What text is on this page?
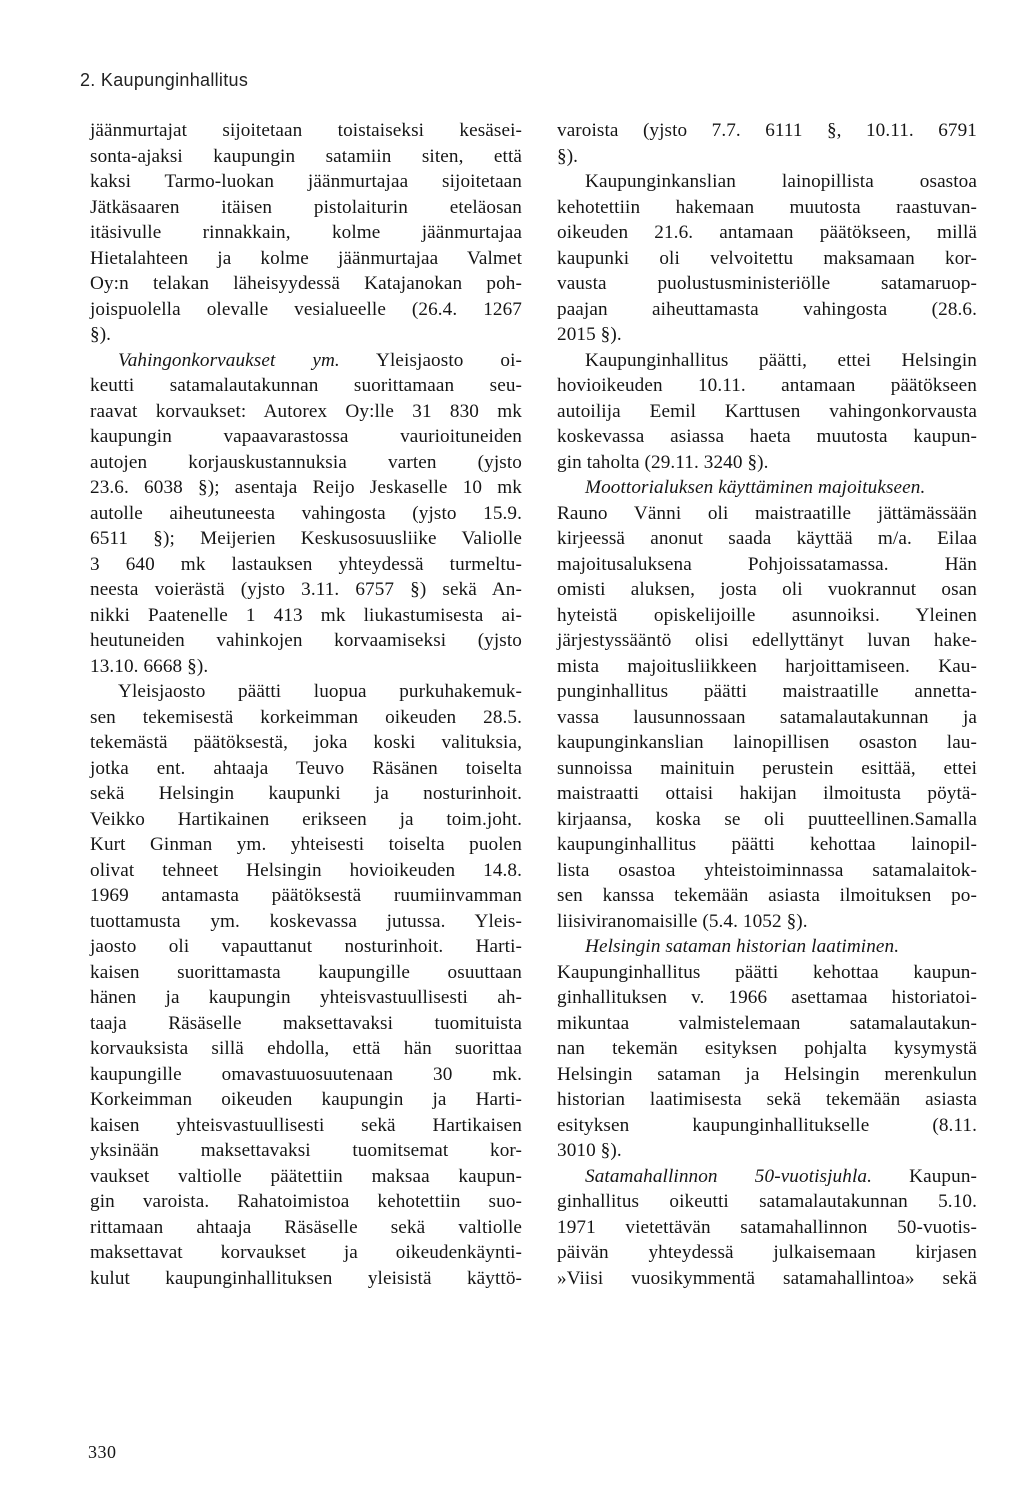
2. Kaupunginhallitus
jäänmurtajat sijoitetaan toistaiseksi kesäsei-
sonta-ajaksi kaupungin satamiin siten, että
kaksi Tarmo-luokan jäänmurtajaa sijoitetaan
Jätkäsaaren itäisen pistolaiturin eteläosan
itäsivulle rinnakkain, kolme jäänmurtajaa
Hietalahteen ja kolme jäänmurtajaa Valmet
Oy:n telakan läheisyydessä Katajanokan poh-
joispuolella olevalle vesialueelle (26.4. 1267
§).
Vahingonkorvaukset ym. Yleisjaosto oi-
keutti satamalautakunnan suorittamaan seu-
raavat korvaukset: Autorex Oy:lle 31 830 mk
kaupungin vapaavarastossa vaurioituneiden
autojen korjauskustannuksia varten (yjsto
23.6. 6038 §); asentaja Reijo Jeskaselle 10 mk
autolle aiheutuneesta vahingosta (yjsto 15.9.
6511 §); Meijerien Keskusosuusliike Valiolle
3 640 mk lastauksen yhteydessä turmeltu-
neesta voierästä (yjsto 3.11. 6757 §) sekä An-
nikki Paatenelle 1 413 mk liukastumisesta ai-
heutuneiden vahinkojen korvaamiseksi (yjsto
13.10. 6668 §).
Yleisjaosto päätti luopua purkuhakemuk-
sen tekemisestä korkeimman oikeuden 28.5.
tekemästä päätöksestä, joka koski valituksia,
jotka ent. ahtaaja Teuvo Räsänen toiselta
sekä Helsingin kaupunki ja nosturinhoit.
Veikko Hartikainen erikseen ja toim.joht.
Kurt Ginman ym. yhteisesti toiselta puolen
olivat tehneet Helsingin hovioikeuden 14.8.
1969 antamasta päätöksestä ruumiinvamman
tuottamusta ym. koskevassa jutussa. Yleis-
jaosto oli vapauttanut nosturinhoit. Harti-
kaisen suorittamasta kaupungille osuuttaan
hänen ja kaupungin yhteisvastuullisesti ah-
taaja Räsäselle maksettavaksi tuomituista
korvauksista sillä ehdolla, että hän suorittaa
kaupungille omavastuuosuutenaan 30 mk.
Korkeimman oikeuden kaupungin ja Harti-
kaisen yhteisvastuullisesti sekä Hartikaisen
yksinään maksettavaksi tuomitsemat kor-
vaukset valtiolle päätettiin maksaa kaupun-
gin varoista. Rahatoimistoa kehotettiin suo-
rittamaan ahtaaja Räsäselle sekä valtiolle
maksettavat korvaukset ja oikeudenkäynti-
kulut kaupunginhallituksen yleisistä käyttö-
varoista (yjsto 7.7. 6111 §, 10.11. 6791
§).
Kaupunginkanslian lainopillista osastoa
kehotettiin hakemaan muutosta raastuvan-
oikeuden 21.6. antamaan päätökseen, millä
kaupunki oli velvoitettu maksamaan kor-
vausta puolustusministeriölle satamaruop-
paajan aiheuttamasta vahingosta (28.6.
2015 §).
Kaupunginhallitus päätti, ettei Helsingin
hovioikeuden 10.11. antamaan päätökseen
autoilija Eemil Karttusen vahingonkorvausta
koskevassa asiassa haeta muutosta kaupun-
gin taholta (29.11. 3240 §).
Moottorialuksen käyttäminen majoitukseen.
Rauno Vänni oli maistraatille jättämässään
kirjeessä anonut saada käyttää m/a. Eilaa
majoitusaluksena Pohjoissatamassa. Hän
omisti aluksen, josta oli vuokrannut osan
hyteistä opiskelijoille asunnoiksi. Yleinen
järjestyssääntö olisi edellyttänyt luvan hake-
mista majoitusliikkeen harjoittamiseen. Kau-
punginhallitus päätti maistraatille annetta-
vassa lausunnossaan satamalautakunnan ja
kaupunginkanslian lainopillisen osaston lau-
sunnoissa mainituin perustein esittää, ettei
maistraatti ottaisi hakijan ilmoitusta pöytä-
kirjaansa, koska se oli puutteellinen.Samalla
kaupunginhallitus päätti kehottaa lainopil-
lista osastoa yhteistoiminnassa satamalaitok-
sen kanssa tekemään asiasta ilmoituksen po-
liisiviranomaisille (5.4. 1052 §).
Helsingin sataman historian laatiminen.
Kaupunginhallitus päätti kehottaa kaupun-
ginhallituksen v. 1966 asettamaa historiatoi-
mikuntaa valmistelemaan satamalautakun-
nan tekemän esityksen pohjalta kysymystä
Helsingin sataman ja Helsingin merenkulun
historian laatimisesta sekä tekemään asiasta
esityksen kaupunginhallitukselle (8.11.
3010 §).
Satamahallinnon 50-vuotisjuhla. Kaupun-
ginhallitus oikeutti satamalautakunnan 5.10.
1971 vietettävän satamahallinnon 50-vuotis-
päivän yhteydessä julkaisemaan kirjasen
»Viisi vuosikymmentä satamahallintoa» sekä
330
